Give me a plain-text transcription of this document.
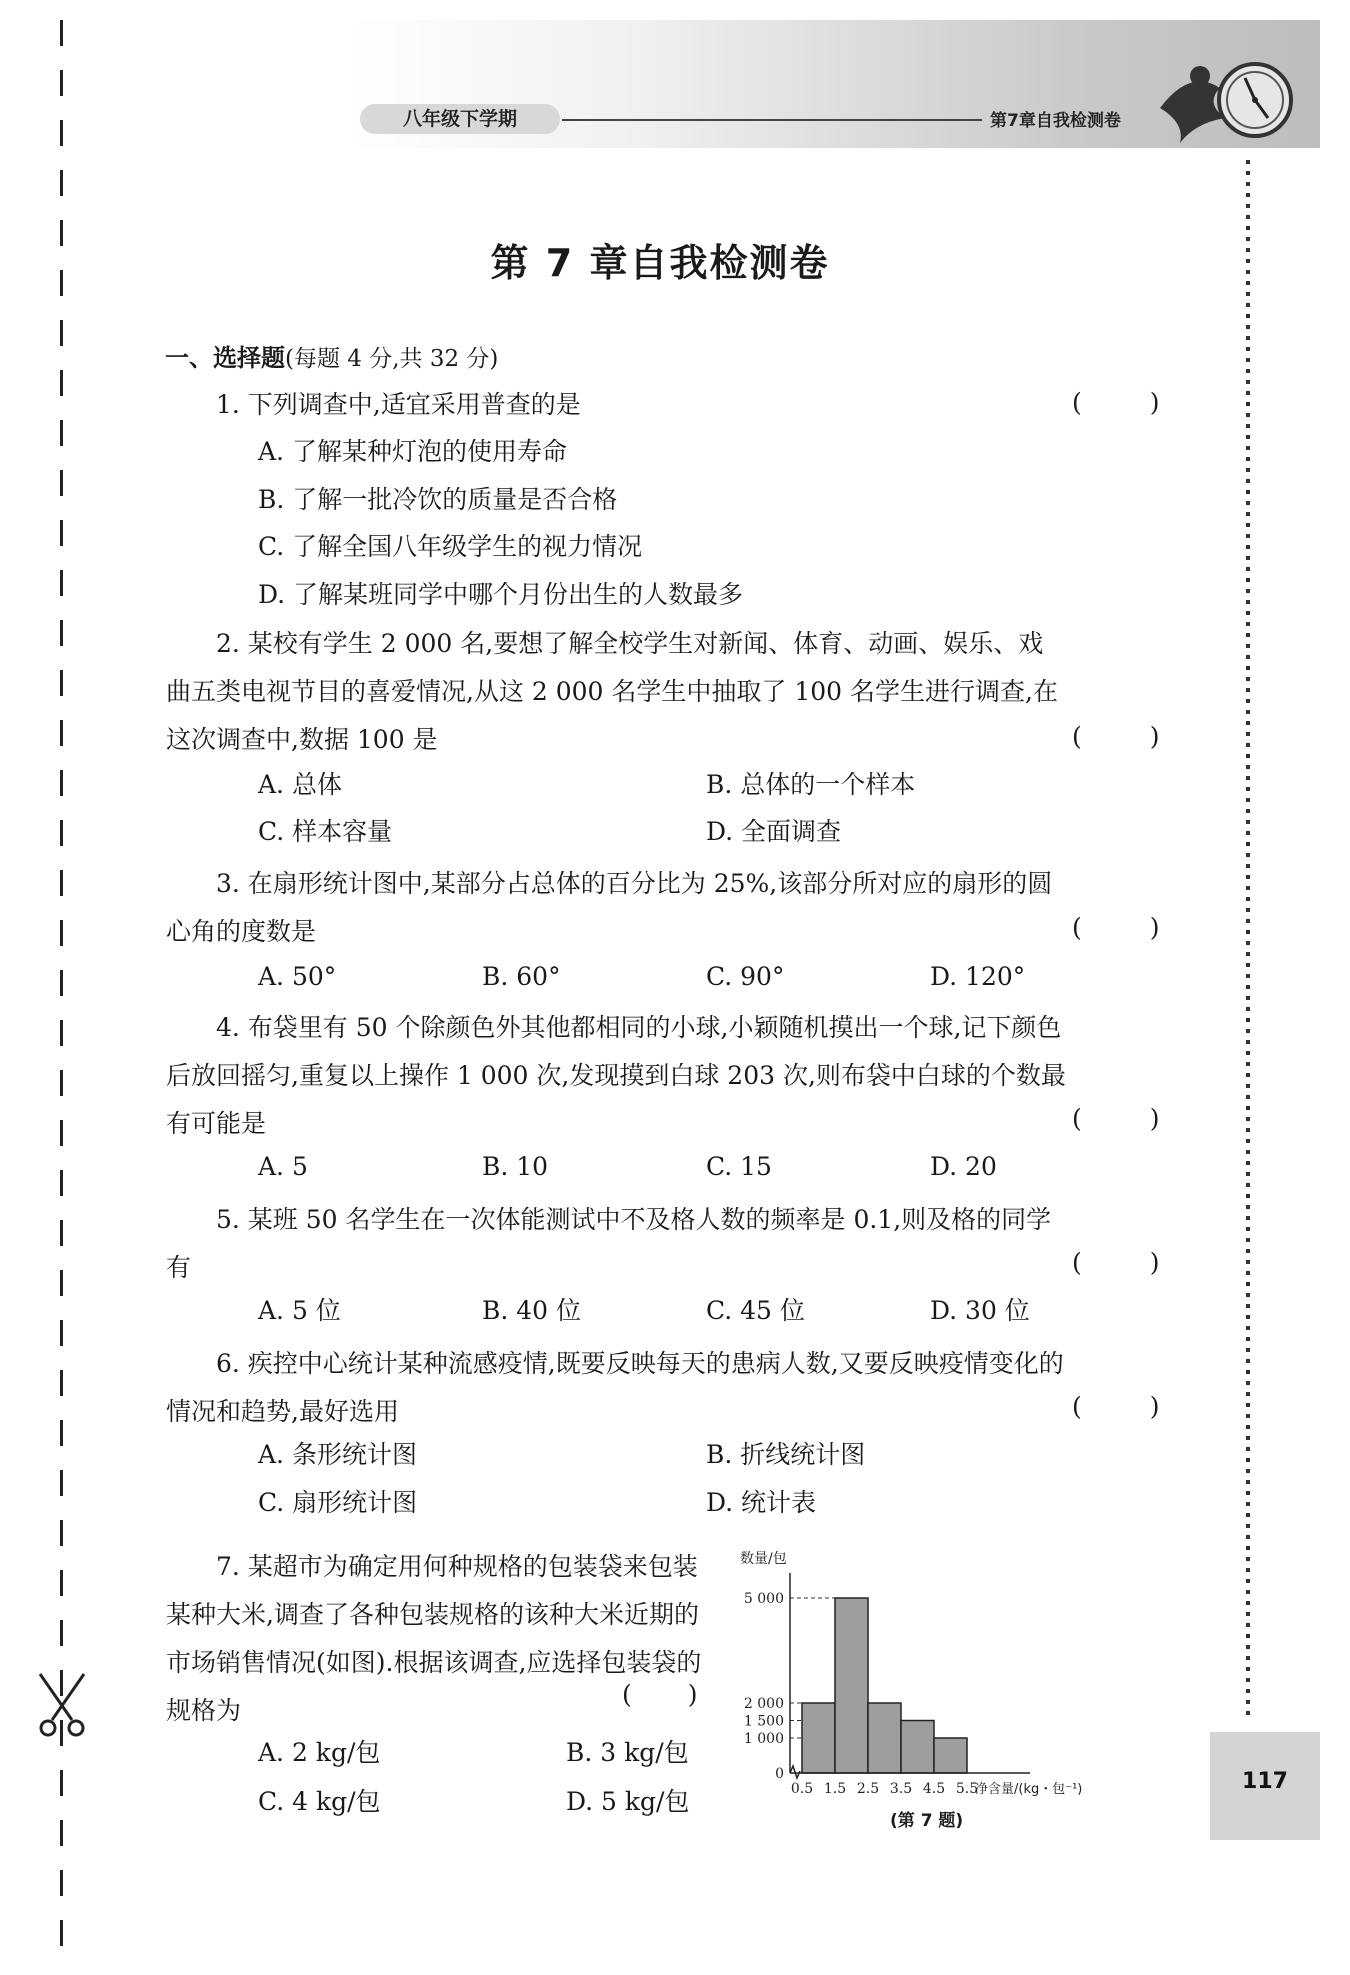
八年级下学期	第7章自我检测卷
117
第 7 章自我检测卷
一、选择题(每题 4 分,共 32 分)
1. 下列调查中,适宜采用普查的是	( )
A. 了解某种灯泡的使用寿命
B. 了解一批冷饮的质量是否合格
C. 了解全国八年级学生的视力情况
D. 了解某班同学中哪个月份出生的人数最多
2. 某校有学生 2 000 名,要想了解全校学生对新闻、体育、动画、娱乐、戏曲五类电视节目的喜爱情况,从这 2 000 名学生中抽取了 100 名学生进行调查,在这次调查中,数据 100 是	( )
A. 总体	B. 总体的一个样本
C. 样本容量	D. 全面调查
3. 在扇形统计图中,某部分占总体的百分比为 25%,该部分所对应的扇形的圆心角的度数是	( )
A. 50°	B. 60°	C. 90°	D. 120°
4. 布袋里有 50 个除颜色外其他都相同的小球,小颖随机摸出一个球,记下颜色后放回摇匀,重复以上操作 1 000 次,发现摸到白球 203 次,则布袋中白球的个数最有可能是	( )
A. 5	B. 10	C. 15	D. 20
5. 某班 50 名学生在一次体能测试中不及格人数的频率是 0.1,则及格的同学有	( )
A. 5 位	B. 40 位	C. 45 位	D. 30 位
6. 疾控中心统计某种流感疫情,既要反映每天的患病人数,又要反映疫情变化的情况和趋势,最好选用	( )
A. 条形统计图	B. 折线统计图
C. 扇形统计图	D. 统计表
7. 某超市为确定用何种规格的包装袋来包装某种大米,调查了各种包装规格的该种大米近期的市场销售情况(如图).根据该调查,应选择包装袋的规格为
( )
A. 2 kg/包	B. 3 kg/包
C. 4 kg/包	D. 5 kg/包
0
1 000
1 500
2 000
5 000
0.5 1.5 2.5 3.5 4.5 5.5
数量/包
净含量/(kg・包⁻¹)
(第 7 题)
